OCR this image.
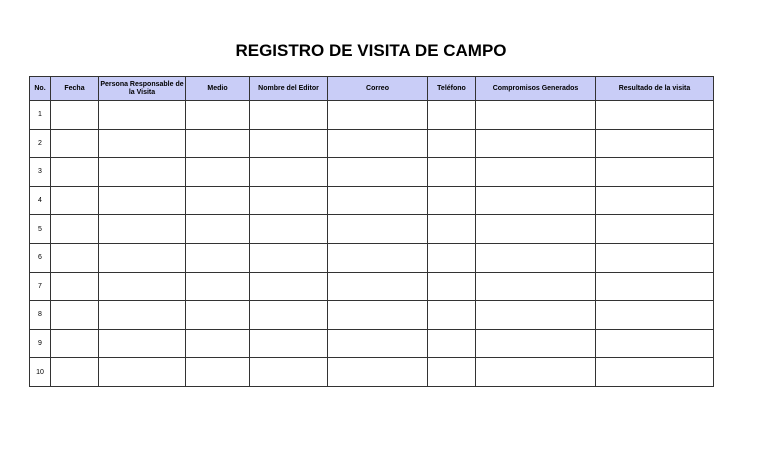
REGISTRO DE VISITA DE CAMPO
No.	Fecha	Persona Responsable de la Visita	Medio	Nombre del Editor	Correo	Teléfono	Compromisos Generados	Resultado de la visita
1								
2								
3								
4								
5								
6								
7								
8								
9								
10								
